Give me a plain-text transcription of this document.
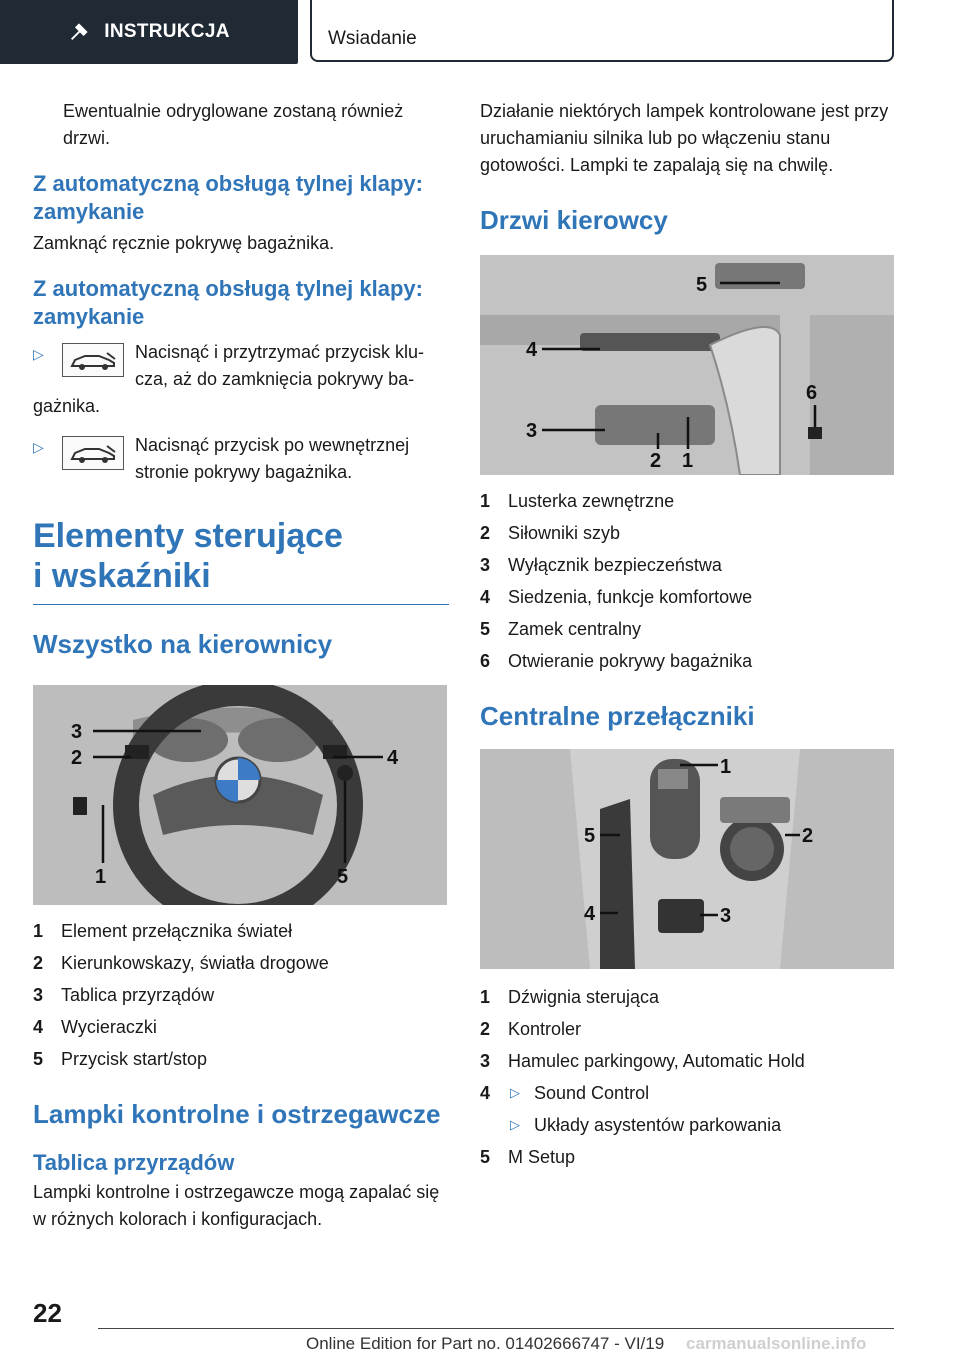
INSTRUKCJA	Wsiadanie

Ewentualnie odryglowane zostaną również drzwi.

Z automatyczną obsługą tylnej klapy: zamykanie

Zamknąć ręcznie pokrywę bagażnika.

Z automatyczną obsługą tylnej klapy: zamykanie
▷	Nacisnąć i przytrzymać przycisk klu‐
cza, aż do zamknięcia pokrywy ba‐
gażnika.
▷	Nacisnąć przycisk po wewnętrznej
stronie pokrywy bagażnika.
Elementy sterujące
i wskaźniki
Wszystko na kierownicy
3
2	4
1	5
1 Element przełącznika świateł
2 Kierunkowskazy, światła drogowe
3 Tablica przyrządów
4 Wycieraczki
5 Przycisk start/stop
Lampki kontrolne i ostrzegawcze
Tablica przyrządów

Lampki kontrolne i ostrzegawcze mogą zapalać się w różnych kolorach i konfiguracjach.

Działanie niektórych lampek kontrolowane jest przy uruchamianiu silnika lub po włączeniu stanu gotowości. Lampki te zapalają się na chwilę.

Drzwi kierowcy
5
4
3
2 1
6
1 Lusterka zewnętrzne
2 Siłowniki szyb
3 Wyłącznik bezpieczeństwa
4 Siedzenia, funkcje komfortowe
5 Zamek centralny
6 Otwieranie pokrywy bagażnika
Centralne przełączniki
1
2
3
4
5
1 Dźwignia sterująca
2 Kontroler
3 Hamulec parkingowy, Automatic Hold
4	▷ Sound Control
▷ Układy asystentów parkowania
5 M Setup
22
Online Edition for Part no. 01402666747 - VI/19 carmanualsonline.info
